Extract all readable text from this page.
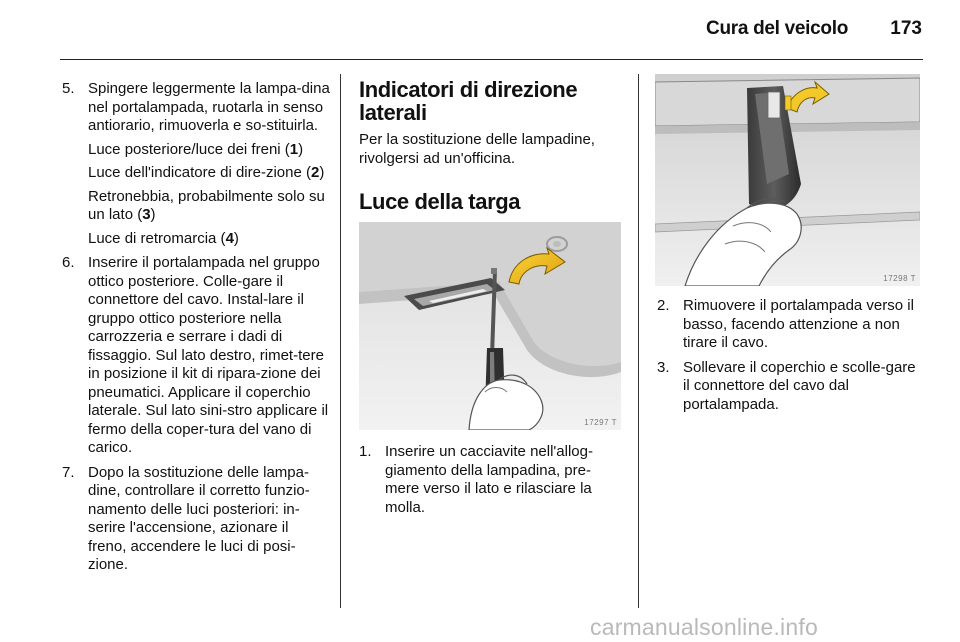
Cura del veicolo	173
5. Spingere leggermente la lampa-dina nel portalampada, ruotarla in senso antiorario, rimuoverla e so-stituirla.

Luce posteriore/luce dei freni (1)

Luce dell'indicatore di dire-zione (2)

Retronebbia, probabilmente solo su un lato (3)

Luce di retromarcia (4)

6. Inserire il portalampada nel gruppo ottico posteriore. Colle-gare il connettore del cavo. Instal-lare il gruppo ottico posteriore nella carrozzeria e serrare i dadi di fissaggio. Sul lato destro, rimet-tere in posizione il kit di ripara-zione dei pneumatici. Applicare il coperchio laterale. Sul lato sini-stro applicare il fermo della coper-tura del vano di carico.

7. Dopo la sostituzione delle lampa-dine, controllare il corretto funzio-namento delle luci posteriori: in-serire l'accensione, azionare il freno, accendere le luci di posi-zione.

Indicatori di direzione laterali

Per la sostituzione delle lampadine, rivolgersi ad un'officina.

Luce della targa
17297 T
1. Inserire un cacciavite nell'allog-giamento della lampadina, pre-mere verso il lato e rilasciare la molla.

17298 T
2. Rimuovere il portalampada verso il basso, facendo attenzione a non tirare il cavo.

3. Sollevare il coperchio e scolle-gare il connettore del cavo dal portalampada.

carmanualsonline.info
